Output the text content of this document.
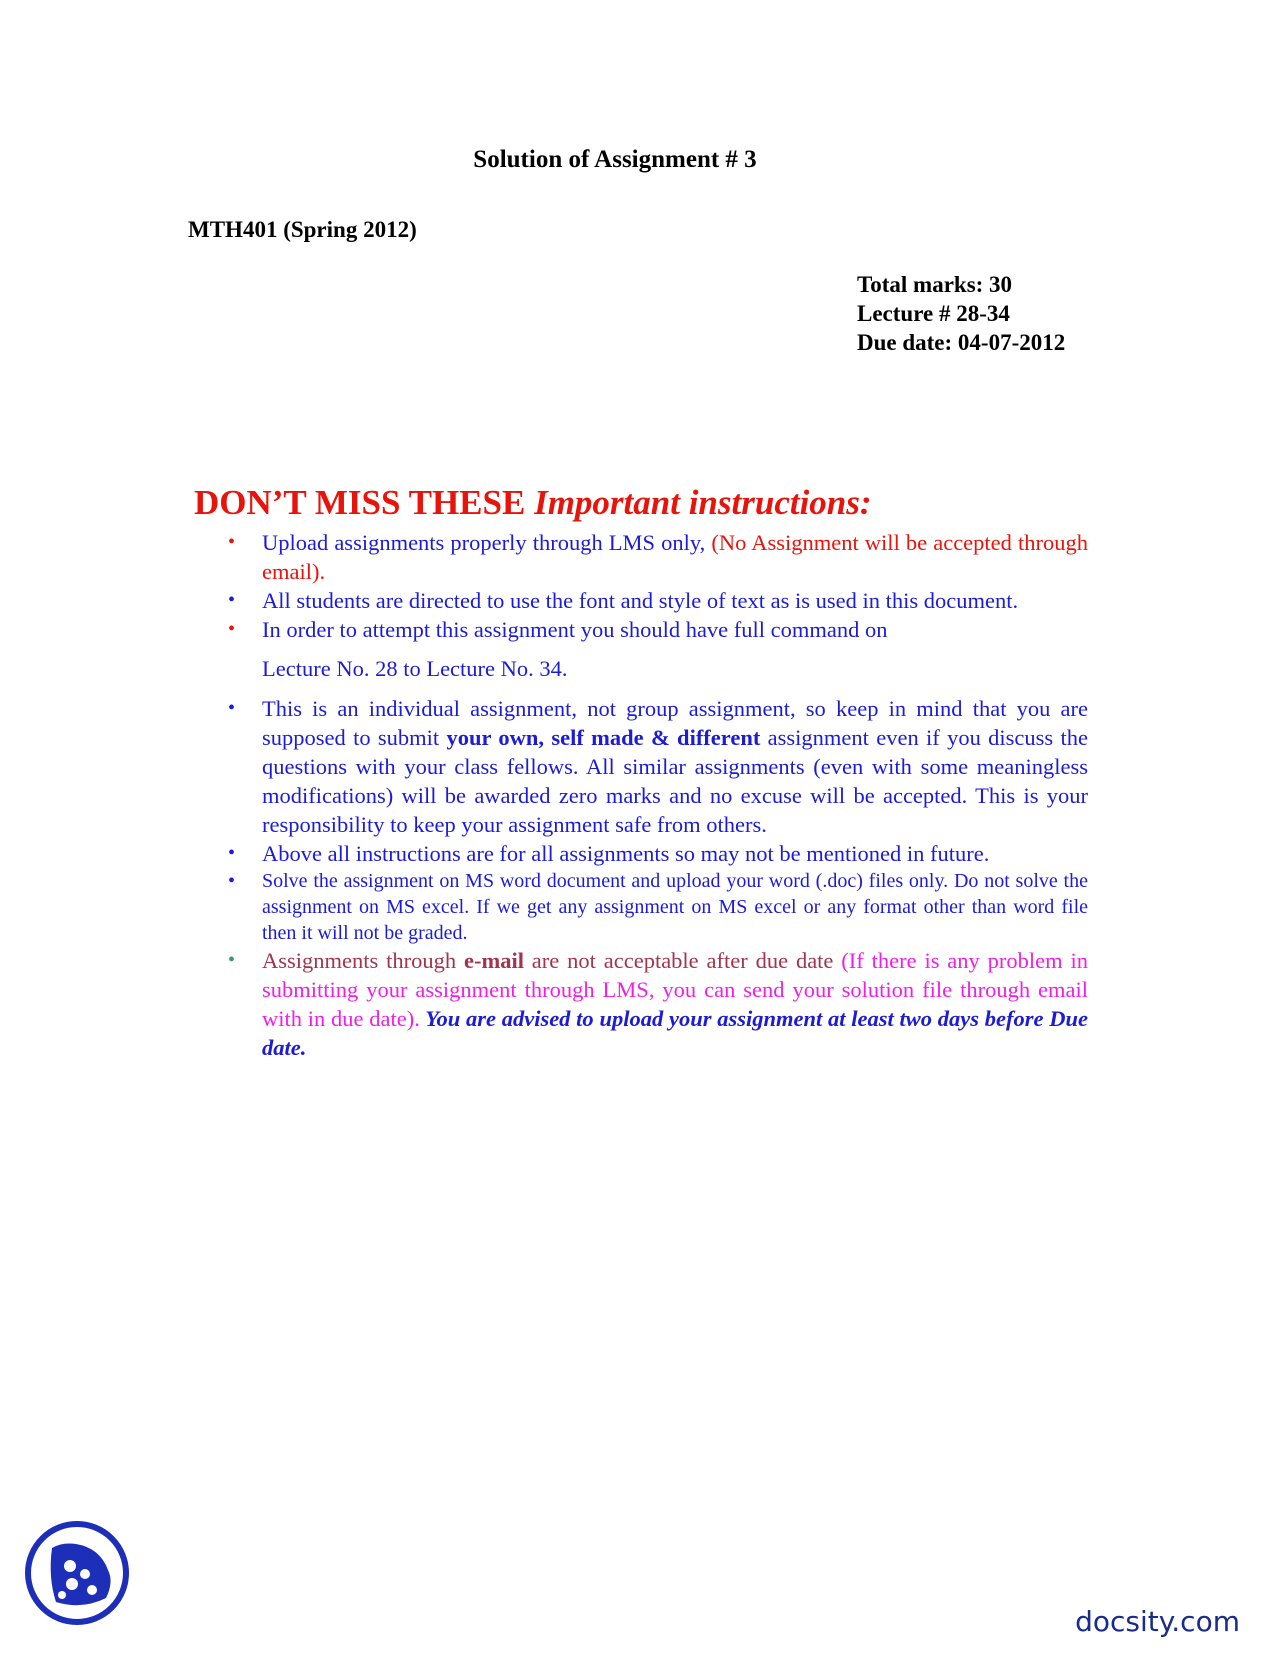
Solution of Assignment # 3
MTH401 (Spring 2012)
Total marks: 30
Lecture # 28-34
Due date: 04-07-2012
DON’T MISS THESE Important instructions:
• Upload assignments properly through LMS only, (No Assignment will be accepted through email).
• All students are directed to use the font and style of text as is used in this document.
• In order to attempt this assignment you should have full command on
Lecture No. 28 to Lecture No. 34.
• This is an individual assignment, not group assignment, so keep in mind that you are supposed to submit your own, self made & different assignment even if you discuss the questions with your class fellows. All similar assignments (even with some meaningless modifications) will be awarded zero marks and no excuse will be accepted. This is your responsibility to keep your assignment safe from others.
• Above all instructions are for all assignments so may not be mentioned in future.
• Solve the assignment on MS word document and upload your word (.doc) files only. Do not solve the assignment on MS excel. If we get any assignment on MS excel or any format other than word file then it will not be graded.
• Assignments through e-mail are not acceptable after due date (If there is any problem in submitting your assignment through LMS, you can send your solution file through email with in due date). You are advised to upload your assignment at least two days before Due date.
docsity.com
